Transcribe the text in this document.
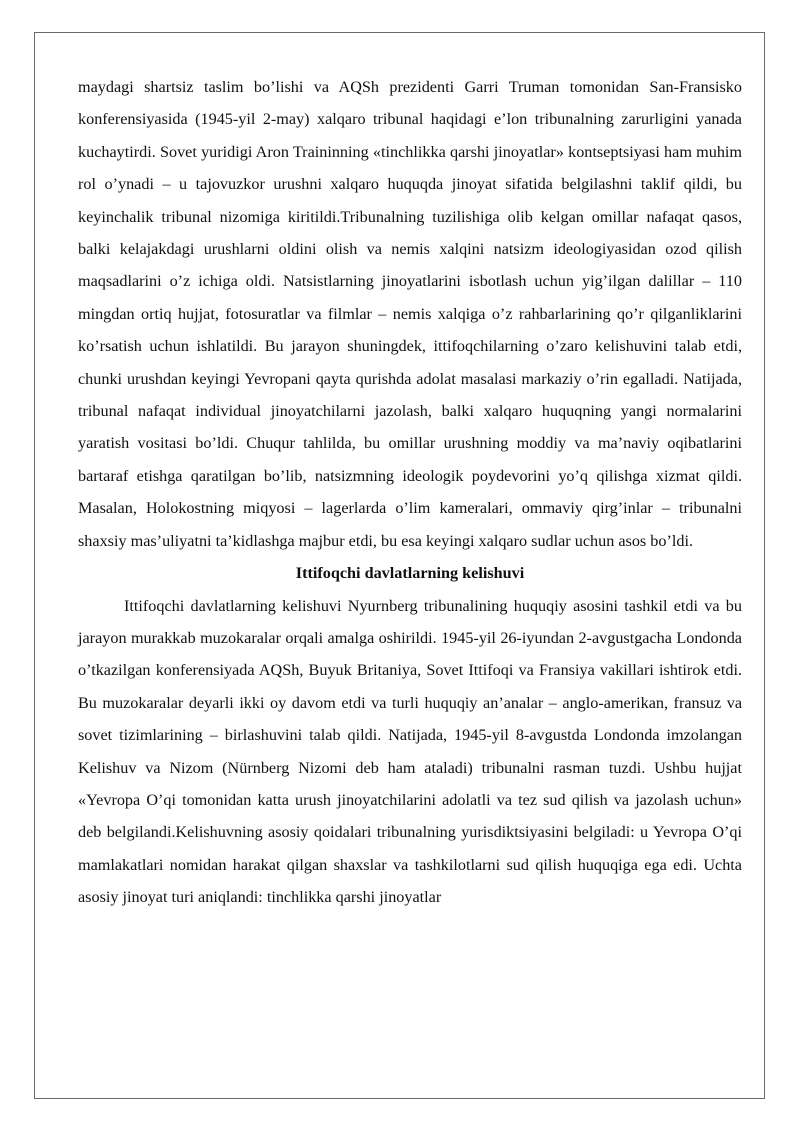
maydagi shartsiz taslim bo’lishi va AQSh prezidenti Garri Truman tomonidan San-Fransisko konferensiyasida (1945-yil 2-may) xalqaro tribunal haqidagi e’lon tribunalning zarurligini yanada kuchaytirdi. Sovet yuridigi Aron Traininning «tinchlikka qarshi jinoyatlar» kontseptsiyasi ham muhim rol o’ynadi – u tajovuzkor urushni xalqaro huquqda jinoyat sifatida belgilashni taklif qildi, bu keyinchalik tribunal nizomiga kiritildi.Tribunalning tuzilishiga olib kelgan omillar nafaqat qasos, balki kelajakdagi urushlarni oldini olish va nemis xalqini natsizm ideologiyasidan ozod qilish maqsadlarini o’z ichiga oldi. Natsistlarning jinoyatlarini isbotlash uchun yig’ilgan dalillar – 110 mingdan ortiq hujjat, fotosuratlar va filmlar – nemis xalqiga o’z rahbarlarining qo’r qilganliklarini ko’rsatish uchun ishlatildi. Bu jarayon shuningdek, ittifoqchilarning o’zaro kelishuvini talab etdi, chunki urushdan keyingi Yevropani qayta qurishda adolat masalasi markaziy o’rin egalladi. Natijada, tribunal nafaqat individual jinoyatchilarni jazolash, balki xalqaro huquqning yangi normalarini yaratish vositasi bo’ldi. Chuqur tahlilda, bu omillar urushning moddiy va ma’naviy oqibatlarini bartaraf etishga qaratilgan bo’lib, natsizmning ideologik poydevorini yo’q qilishga xizmat qildi. Masalan, Holokostning miqyosi – lagerlarda o’lim kameralari, ommaviy qirg’inlar – tribunalni shaxsiy mas’uliyatni ta’kidlashga majbur etdi, bu esa keyingi xalqaro sudlar uchun asos bo’ldi.

Ittifoqchi davlatlarning kelishuvi

Ittifoqchi davlatlarning kelishuvi Nyurnberg tribunalining huquqiy asosini tashkil etdi va bu jarayon murakkab muzokaralar orqali amalga oshirildi. 1945-yil 26-iyundan 2-avgustgacha Londonda o’tkazilgan konferensiyada AQSh, Buyuk Britaniya, Sovet Ittifoqi va Fransiya vakillari ishtirok etdi. Bu muzokaralar deyarli ikki oy davom etdi va turli huquqiy an’analar – anglo-amerikan, fransuz va sovet tizimlarining – birlashuvini talab qildi. Natijada, 1945-yil 8-avgustda Londonda imzolangan Kelishuv va Nizom (Nürnberg Nizomi deb ham ataladi) tribunalni rasman tuzdi. Ushbu hujjat «Yevropa O’qi tomonidan katta urush jinoyatchilarini adolatli va tez sud qilish va jazolash uchun» deb belgilandi.Kelishuvning asosiy qoidalari tribunalning yurisdiktsiyasini belgiladi: u Yevropa O’qi mamlakatlari nomidan harakat qilgan shaxslar va tashkilotlarni sud qilish huquqiga ega edi. Uchta asosiy jinoyat turi aniqlandi: tinchlikka qarshi jinoyatlar
